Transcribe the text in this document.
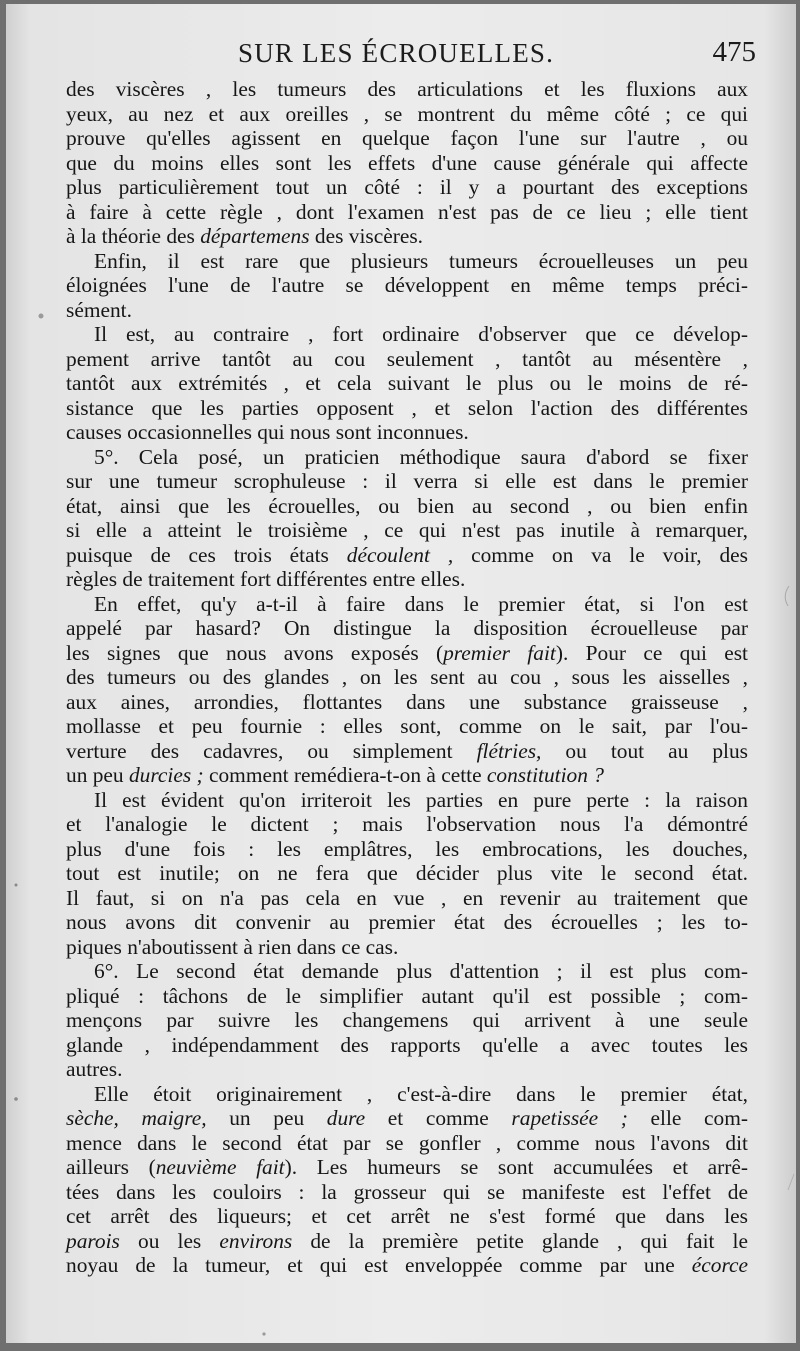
SUR LES ÉCROUELLES.	475

des viscères , les tumeurs des articulations et les fluxions aux
yeux, au nez et aux oreilles , se montrent du même côté ; ce qui
prouve qu'elles agissent en quelque façon l'une sur l'autre , ou
que du moins elles sont les effets d'une cause générale qui affecte
plus particulièrement tout un côté : il y a pourtant des exceptions
à faire à cette règle , dont l'examen n'est pas de ce lieu ; elle tient
à la théorie des départemens des viscères.

Enfin, il est rare que plusieurs tumeurs écrouelleuses un peu
éloignées l'une de l'autre se développent en même temps préci-
sément.

Il est, au contraire , fort ordinaire d'observer que ce dévelop-
pement arrive tantôt au cou seulement , tantôt au mésentère ,
tantôt aux extrémités , et cela suivant le plus ou le moins de ré-
sistance que les parties opposent , et selon l'action des différentes
causes occasionnelles qui nous sont inconnues.

5°. Cela posé, un praticien méthodique saura d'abord se fixer
sur une tumeur scrophuleuse : il verra si elle est dans le premier
état, ainsi que les écrouelles, ou bien au second , ou bien enfin
si elle a atteint le troisième , ce qui n'est pas inutile à remarquer,
puisque de ces trois états découlent , comme on va le voir, des
règles de traitement fort différentes entre elles.

En effet, qu'y a-t-il à faire dans le premier état, si l'on est
appelé par hasard? On distingue la disposition écrouelleuse par
les signes que nous avons exposés (premier fait). Pour ce qui est
des tumeurs ou des glandes , on les sent au cou , sous les aisselles ,
aux aines, arrondies, flottantes dans une substance graisseuse ,
mollasse et peu fournie : elles sont, comme on le sait, par l'ou-
verture des cadavres, ou simplement flétries, ou tout au plus
un peu durcies ; comment remédiera-t-on à cette constitution ?

Il est évident qu'on irriteroit les parties en pure perte : la raison
et l'analogie le dictent ; mais l'observation nous l'a démontré
plus d'une fois : les emplâtres, les embrocations, les douches,
tout est inutile; on ne fera que décider plus vite le second état.
Il faut, si on n'a pas cela en vue , en revenir au traitement que
nous avons dit convenir au premier état des écrouelles ; les to-
piques n'aboutissent à rien dans ce cas.

6°. Le second état demande plus d'attention ; il est plus com-
pliqué : tâchons de le simplifier autant qu'il est possible ; com-
mençons par suivre les changemens qui arrivent à une seule
glande , indépendamment des rapports qu'elle a avec toutes les
autres.

Elle étoit originairement , c'est-à-dire dans le premier état,
sèche, maigre, un peu dure et comme rapetissée ; elle com-
mence dans le second état par se gonfler , comme nous l'avons dit
ailleurs (neuvième fait). Les humeurs se sont accumulées et arrê-
tées dans les couloirs : la grosseur qui se manifeste est l'effet de
cet arrêt des liqueurs; et cet arrêt ne s'est formé que dans les
parois ou les environs de la première petite glande , qui fait le
noyau de la tumeur, et qui est enveloppée comme par une écorce
